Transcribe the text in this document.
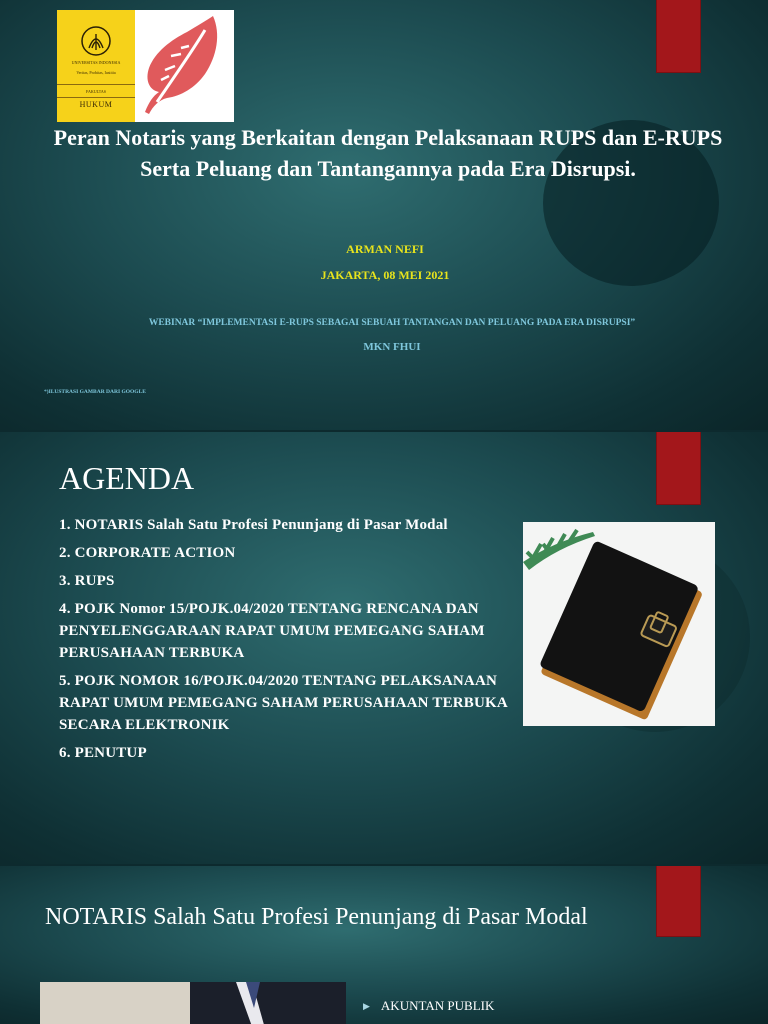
UNIVERSITAS INDONESIA
Veritas, Probitas, Iustitia
FAKULTAS
HUKUM
Peran Notaris yang Berkaitan dengan Pelaksanaan RUPS dan E-RUPS Serta Peluang dan Tantangannya pada Era Disrupsi.
ARMAN NEFI
JAKARTA, 08 MEI 2021
WEBINAR “IMPLEMENTASI E-RUPS SEBAGAI SEBUAH TANTANGAN DAN PELUANG PADA ERA DISRUPSI”
MKN FHUI
*)ILUSTRASI GAMBAR DARI GOOGLE
AGENDA
1. NOTARIS Salah Satu Profesi Penunjang di Pasar Modal
2. CORPORATE ACTION
3. RUPS
4. POJK Nomor 15/POJK.04/2020 TENTANG RENCANA DAN PENYELENGGARAAN RAPAT UMUM PEMEGANG SAHAM PERUSAHAAN TERBUKA
5. POJK NOMOR 16/POJK.04/2020 TENTANG PELAKSANAAN RAPAT UMUM PEMEGANG SAHAM PERUSAHAAN TERBUKA SECARA ELEKTRONIK
6. PENUTUP
NOTARIS Salah Satu Profesi Penunjang di Pasar Modal
▶ AKUNTAN PUBLIK
